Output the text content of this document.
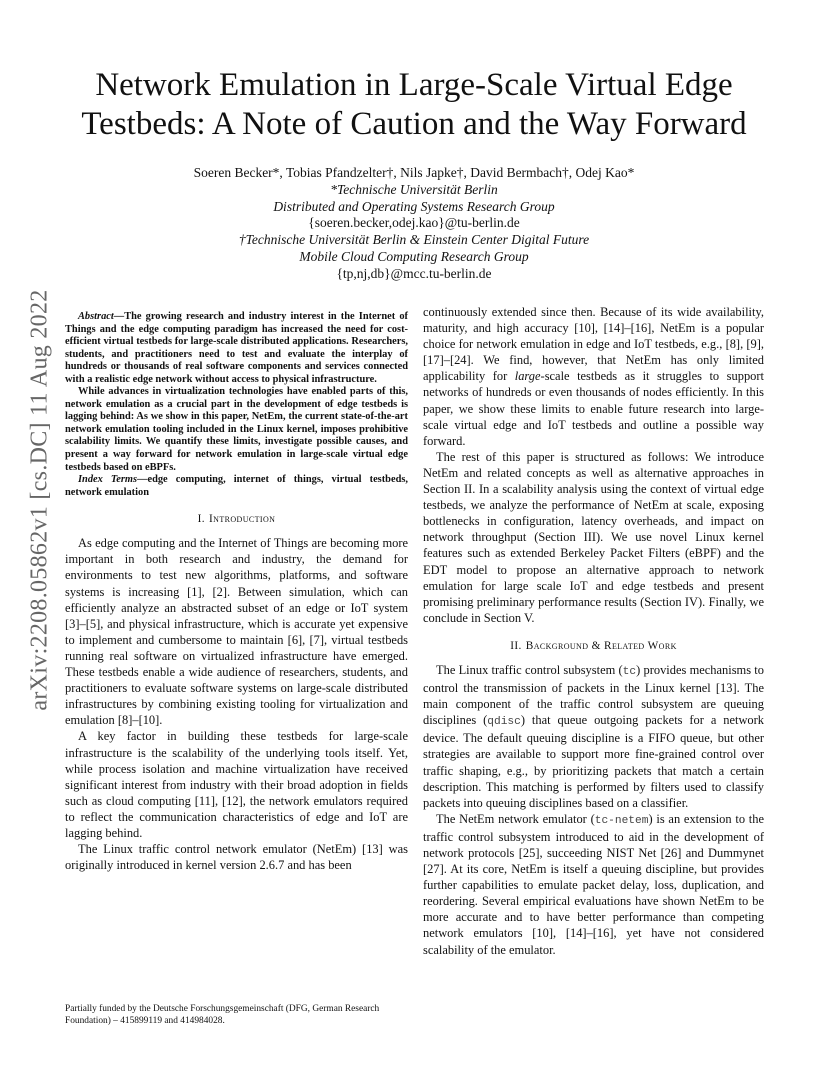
arXiv:2208.05862v1 [cs.DC] 11 Aug 2022
Network Emulation in Large-Scale Virtual Edge
Testbeds: A Note of Caution and the Way Forward
Soeren Becker*, Tobias Pfandzelter†, Nils Japke†, David Bermbach†, Odej Kao*
*Technische Universität Berlin
Distributed and Operating Systems Research Group
{soeren.becker,odej.kao}@tu-berlin.de
†Technische Universität Berlin & Einstein Center Digital Future
Mobile Cloud Computing Research Group
{tp,nj,db}@mcc.tu-berlin.de

Abstract—The growing research and industry interest in the Internet of Things and the edge computing paradigm has increased the need for cost-efficient virtual testbeds for large-scale distributed applications. Researchers, students, and practitioners need to test and evaluate the interplay of hundreds or thousands of real software components and services connected with a realistic edge network without access to physical infrastructure.

While advances in virtualization technologies have enabled parts of this, network emulation as a crucial part in the development of edge testbeds is lagging behind: As we show in this paper, NetEm, the current state-of-the-art network emulation tooling included in the Linux kernel, imposes prohibitive scalability limits. We quantify these limits, investigate possible causes, and present a way forward for network emulation in large-scale virtual edge testbeds based on eBPFs.

Index Terms—edge computing, internet of things, virtual testbeds, network emulation

I. Introduction

As edge computing and the Internet of Things are becoming more important in both research and industry, the demand for environments to test new algorithms, platforms, and software systems is increasing [1], [2]. Between simulation, which can efficiently analyze an abstracted subset of an edge or IoT system [3]–[5], and physical infrastructure, which is accurate yet expensive to implement and cumbersome to maintain [6], [7], virtual testbeds running real software on virtualized infrastructure have emerged. These testbeds enable a wide audience of researchers, students, and practitioners to evaluate software systems on large-scale distributed infrastructures by combining existing tooling for virtualization and emulation [8]–[10].

A key factor in building these testbeds for large-scale infrastructure is the scalability of the underlying tools itself. Yet, while process isolation and machine virtualization have received significant interest from industry with their broad adoption in fields such as cloud computing [11], [12], the network emulators required to reflect the communication characteristics of edge and IoT are lagging behind.

The Linux traffic control network emulator (NetEm) [13] was originally introduced in kernel version 2.6.7 and has been

Partially funded by the Deutsche Forschungsgemeinschaft (DFG, German Research Foundation) – 415899119 and 414984028.

continuously extended since then. Because of its wide availability, maturity, and high accuracy [10], [14]–[16], NetEm is a popular choice for network emulation in edge and IoT testbeds, e.g., [8], [9], [17]–[24]. We find, however, that NetEm has only limited applicability for large-scale testbeds as it struggles to support networks of hundreds or even thousands of nodes efficiently. In this paper, we show these limits to enable future research into large-scale virtual edge and IoT testbeds and outline a possible way forward.

The rest of this paper is structured as follows: We introduce NetEm and related concepts as well as alternative approaches in Section II. In a scalability analysis using the context of virtual edge testbeds, we analyze the performance of NetEm at scale, exposing bottlenecks in configuration, latency overheads, and impact on network throughput (Section III). We use novel Linux kernel features such as extended Berkeley Packet Filters (eBPF) and the EDT model to propose an alternative approach to network emulation for large scale IoT and edge testbeds and present promising preliminary performance results (Section IV). Finally, we conclude in Section V.

II. Background & Related Work

The Linux traffic control subsystem (tc) provides mechanisms to control the transmission of packets in the Linux kernel [13]. The main component of the traffic control subsystem are queuing disciplines (qdisc) that queue outgoing packets for a network device. The default queuing discipline is a FIFO queue, but other strategies are available to support more fine-grained control over traffic shaping, e.g., by prioritizing packets that match a certain description. This matching is performed by filters used to classify packets into queuing disciplines based on a classifier.

The NetEm network emulator (tc-netem) is an extension to the traffic control subsystem introduced to aid in the development of network protocols [25], succeeding NIST Net [26] and Dummynet [27]. At its core, NetEm is itself a queuing discipline, but provides further capabilities to emulate packet delay, loss, duplication, and reordering. Several empirical evaluations have shown NetEm to be more accurate and to have better performance than competing network emulators [10], [14]–[16], yet have not considered scalability of the emulator.
